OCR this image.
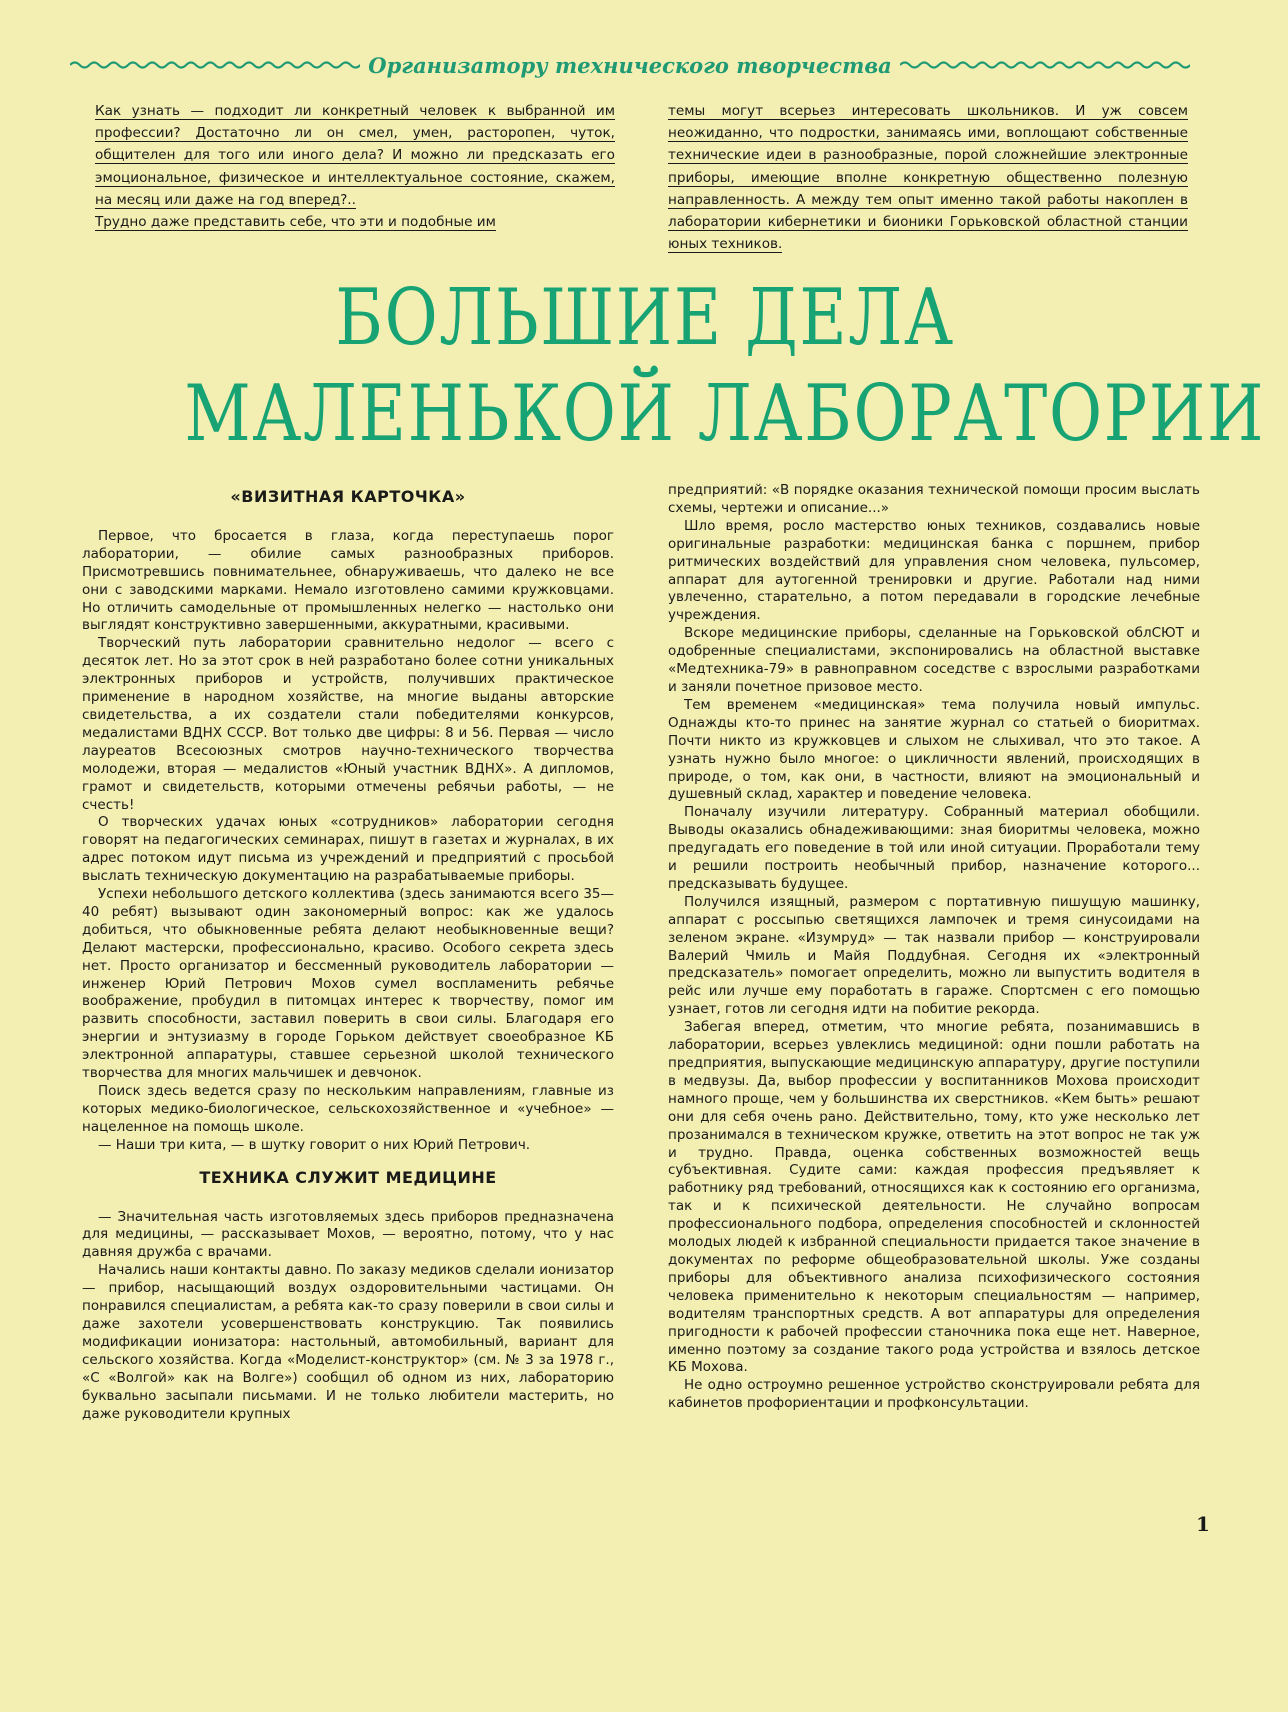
Организатору технического творчества

Как узнать — подходит ли конкретный человек к выбранной им профессии? Достаточно ли он смел, умен, расторопен, чуток, общителен для того или иного дела? И можно ли предсказать его эмоциональное, физическое и интеллектуальное состояние, скажем, на месяц или даже на год вперед?..

Трудно даже представить себе, что эти и подобные им

темы могут всерьез интересовать школьников. И уж совсем неожиданно, что подростки, занимаясь ими, воплощают собственные технические идеи в разнообразные, порой сложнейшие электронные приборы, имеющие вполне конкретную общественно полезную направленность. А между тем опыт именно такой работы накоплен в лаборатории кибернетики и бионики Горьковской областной станции юных техников.

БОЛЬШИЕ ДЕЛА
МАЛЕНЬКОЙ ЛАБОРАТОРИИ
«ВИЗИТНАЯ КАРТОЧКА»

Первое, что бросается в глаза, когда переступаешь порог лаборатории, — обилие самых разнообразных приборов. Присмотревшись повнимательнее, обнаруживаешь, что далеко не все они с заводскими марками. Немало изготовлено самими кружковцами. Но отличить самодельные от промышленных нелегко — настолько они выглядят конструктивно завершенными, аккуратными, красивыми.

Творческий путь лаборатории сравнительно недолог — всего с десяток лет. Но за этот срок в ней разработано более сотни уникальных электронных приборов и устройств, получивших практическое применение в народном хозяйстве, на многие выданы авторские свидетельства, а их создатели стали победителями конкурсов, медалистами ВДНХ СССР. Вот только две цифры: 8 и 56. Первая — число лауреатов Всесоюзных смотров научно-технического творчества молодежи, вторая — медалистов «Юный участник ВДНХ». А дипломов, грамот и свидетельств, которыми отмечены ребячьи работы, — не счесть!

О творческих удачах юных «сотрудников» лаборатории сегодня говорят на педагогических семинарах, пишут в газетах и журналах, в их адрес потоком идут письма из учреждений и предприятий с просьбой выслать техническую документацию на разрабатываемые приборы.

Успехи небольшого детского коллектива (здесь занимаются всего 35—40 ребят) вызывают один закономерный вопрос: как же удалось добиться, что обыкновенные ребята делают необыкновенные вещи? Делают мастерски, профессионально, красиво. Особого секрета здесь нет. Просто организатор и бессменный руководитель лаборатории — инженер Юрий Петрович Мохов сумел воспламенить ребячье воображение, пробудил в питомцах интерес к творчеству, помог им развить способности, заставил поверить в свои силы. Благодаря его энергии и энтузиазму в городе Горьком действует своеобразное КБ электронной аппаратуры, ставшее серьезной школой технического творчества для многих мальчишек и девчонок.

Поиск здесь ведется сразу по нескольким направлениям, главные из которых медико-биологическое, сельскохозяйственное и «учебное» — нацеленное на помощь школе.

— Наши три кита, — в шутку говорит о них Юрий Петрович.

ТЕХНИКА СЛУЖИТ МЕДИЦИНЕ

— Значительная часть изготовляемых здесь приборов предназначена для медицины, — рассказывает Мохов, — вероятно, потому, что у нас давняя дружба с врачами.

Начались наши контакты давно. По заказу медиков сделали ионизатор — прибор, насыщающий воздух оздоровительными частицами. Он понравился специалистам, а ребята как-то сразу поверили в свои силы и даже захотели усовершенствовать конструкцию. Так появились модификации ионизатора: настольный, автомобильный, вариант для сельского хозяйства. Когда «Моделист-конструктор» (см. № 3 за 1978 г., «С «Волгой» как на Волге») сообщил об одном из них, лабораторию буквально засыпали письмами. И не только любители мастерить, но даже руководители крупных

предприятий: «В порядке оказания технической помощи просим выслать схемы, чертежи и описание...»

Шло время, росло мастерство юных техников, создавались новые оригинальные разработки: медицинская банка с поршнем, прибор ритмических воздействий для управления сном человека, пульсомер, аппарат для аутогенной тренировки и другие. Работали над ними увлеченно, старательно, а потом передавали в городские лечебные учреждения.

Вскоре медицинские приборы, сделанные на Горьковской облСЮТ и одобренные специалистами, экспонировались на областной выставке «Медтехника-79» в равноправном соседстве с взрослыми разработками и заняли почетное призовое место.

Тем временем «медицинская» тема получила новый импульс. Однажды кто-то принес на занятие журнал со статьей о биоритмах. Почти никто из кружковцев и слыхом не слыхивал, что это такое. А узнать нужно было многое: о цикличности явлений, происходящих в природе, о том, как они, в частности, влияют на эмоциональный и душевный склад, характер и поведение человека.

Поначалу изучили литературу. Собранный материал обобщили. Выводы оказались обнадеживающими: зная биоритмы человека, можно предугадать его поведение в той или иной ситуации. Проработали тему и решили построить необычный прибор, назначение которого... предсказывать будущее.

Получился изящный, размером с портативную пишущую машинку, аппарат с россыпью светящихся лампочек и тремя синусоидами на зеленом экране. «Изумруд» — так назвали прибор — конструировали Валерий Чмиль и Майя Поддубная. Сегодня их «электронный предсказатель» помогает определить, можно ли выпустить водителя в рейс или лучше ему поработать в гараже. Спортсмен с его помощью узнает, готов ли сегодня идти на побитие рекорда.

Забегая вперед, отметим, что многие ребята, позанимавшись в лаборатории, всерьез увлеклись медициной: одни пошли работать на предприятия, выпускающие медицинскую аппаратуру, другие поступили в медвузы. Да, выбор профессии у воспитанников Мохова происходит намного проще, чем у большинства их сверстников. «Кем быть» решают они для себя очень рано. Действительно, тому, кто уже несколько лет прозанимался в техническом кружке, ответить на этот вопрос не так уж и трудно. Правда, оценка собственных возможностей вещь субъективная. Судите сами: каждая профессия предъявляет к работнику ряд требований, относящихся как к состоянию его организма, так и к психической деятельности. Не случайно вопросам профессионального подбора, определения способностей и склонностей молодых людей к избранной специальности придается такое значение в документах по реформе общеобразовательной школы. Уже созданы приборы для объективного анализа психофизического состояния человека применительно к некоторым специальностям — например, водителям транспортных средств. А вот аппаратуры для определения пригодности к рабочей профессии станочника пока еще нет. Наверное, именно поэтому за создание такого рода устройства и взялось детское КБ Мохова.

Не одно остроумно решенное устройство сконструировали ребята для кабинетов профориентации и профконсультации.

1
